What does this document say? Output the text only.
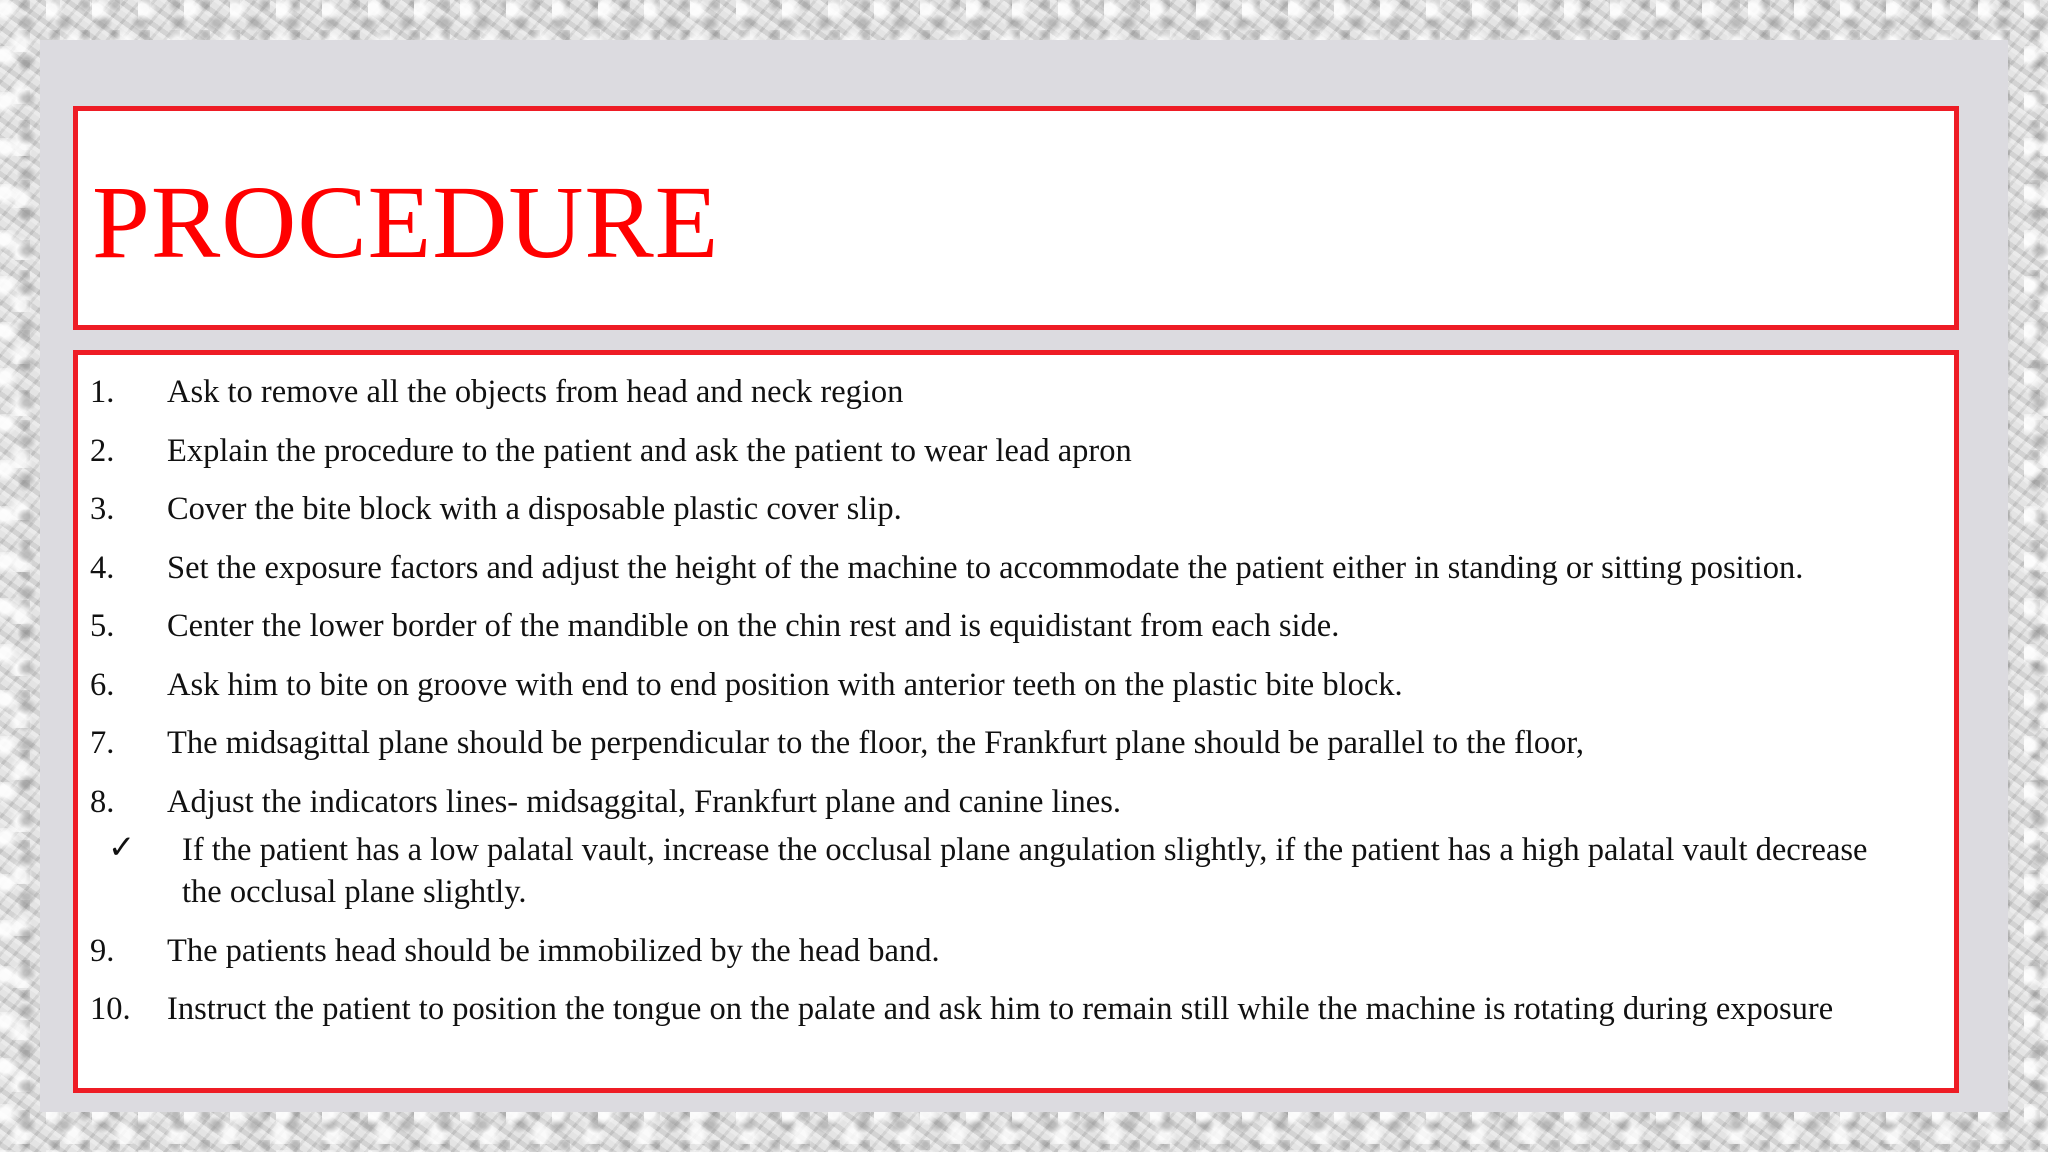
PROCEDURE
1.	Ask to remove all the objects from head and neck region
2.	Explain the procedure to the patient and ask the patient to wear lead apron
3.	Cover the bite block with a disposable plastic cover slip.
4.	Set the exposure factors and adjust the height of the machine to accommodate the patient either in standing or sitting position.
5.	Center the lower border of the mandible on the chin rest and is equidistant from each side.
6.	Ask him to bite on groove with end to end position with anterior teeth on the plastic bite block.
7.	The midsagittal plane should be perpendicular to the floor, the Frankfurt plane should be parallel to the floor,
8.	Adjust the indicators lines- midsaggital, Frankfurt plane and canine lines.
✓	If the patient has a low palatal vault, increase the occlusal plane angulation slightly, if the patient has a high palatal vault decrease the occlusal plane slightly.
9.	The patients head should be immobilized by the head band.
10.	Instruct the patient to position the tongue on the palate and ask him to remain still while the machine is rotating during exposure
